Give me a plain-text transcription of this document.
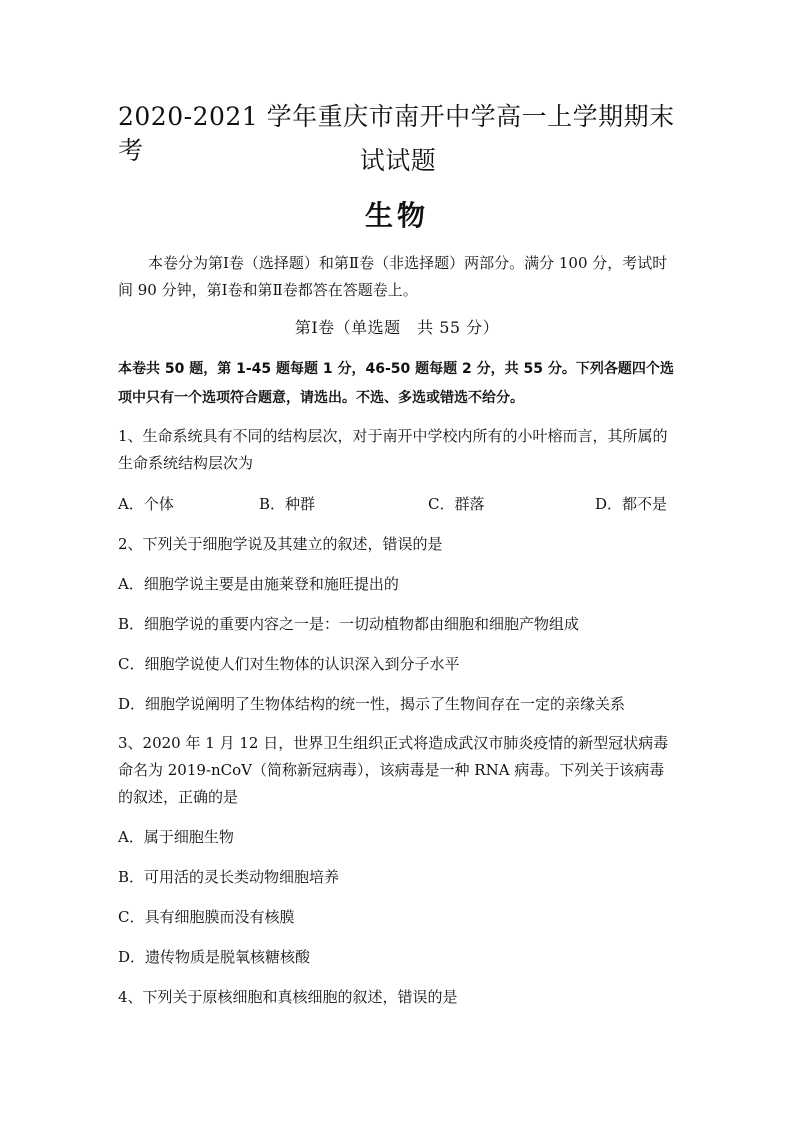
2020-2021 学年重庆市南开中学高一上学期期末考	试试题
生物
本卷分为第Ⅰ卷（选择题）和第Ⅱ卷（非选择题）两部分。满分 100 分，考试时间 90 分钟，第Ⅰ卷和第Ⅱ卷都答在答题卷上。
第Ⅰ卷（单选题　共 55 分）
本卷共 50 题，第 1-45 题每题 1 分，46-50 题每题 2 分，共 55 分。下列各题四个选项中只有一个选项符合题意，请选出。不选、多选或错选不给分。
1、生命系统具有不同的结构层次，对于南开中学校内所有的小叶榕而言，其所属的生命系统结构层次为
A．个体	B．种群	C．群落	D．都不是
2、下列关于细胞学说及其建立的叙述，错误的是
A．细胞学说主要是由施莱登和施旺提出的
B．细胞学说的重要内容之一是：一切动植物都由细胞和细胞产物组成
C．细胞学说使人们对生物体的认识深入到分子水平
D．细胞学说阐明了生物体结构的统一性，揭示了生物间存在一定的亲缘关系
3、2020 年 1 月 12 日，世界卫生组织正式将造成武汉市肺炎疫情的新型冠状病毒命名为 2019-nCoV（简称新冠病毒），该病毒是一种 RNA 病毒。下列关于该病毒的叙述，正确的是
A．属于细胞生物
B．可用活的灵长类动物细胞培养
C．具有细胞膜而没有核膜
D．遗传物质是脱氧核糖核酸
4、下列关于原核细胞和真核细胞的叙述，错误的是
